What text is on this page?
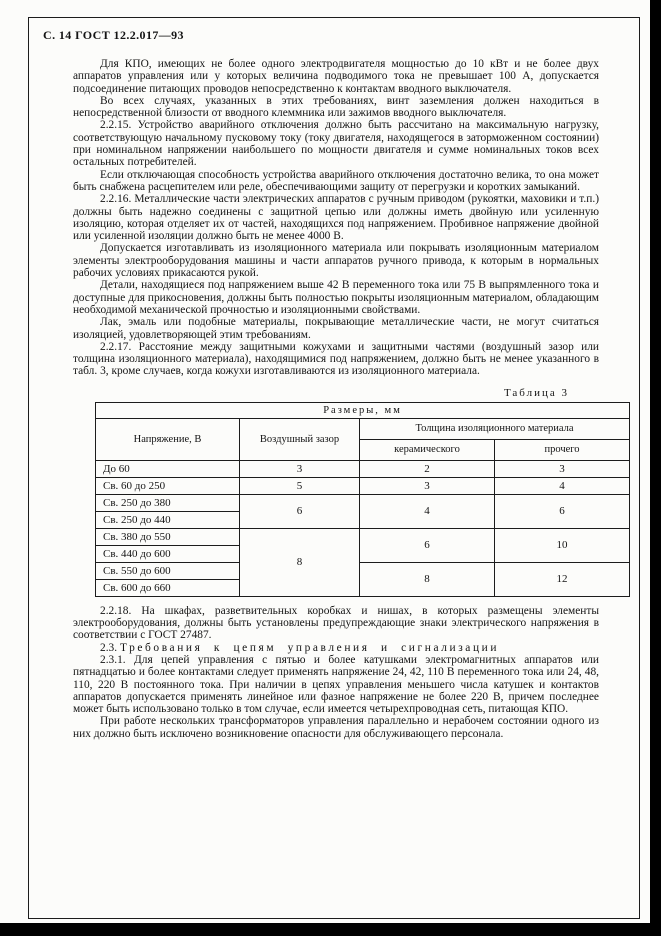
С. 14 ГОСТ 12.2.017—93

Для КПО, имеющих не более одного электродвигателя мощностью до 10 кВт и не более двух аппаратов управления или у которых величина подводимого тока не превышает 100 А, допускается подсоединение питающих проводов непосредственно к контактам вводного выключателя.

Во всех случаях, указанных в этих требованиях, винт заземления должен находиться в непосредственной близости от вводного клеммника или зажимов вводного выключателя.

2.2.15. Устройство аварийного отключения должно быть рассчитано на максимальную нагрузку, соответствующую начальному пусковому току (току двигателя, находящегося в заторможенном состоянии) при номинальном напряжении наибольшего по мощности двигателя и сумме номинальных токов всех остальных потребителей.

Если отключающая способность устройства аварийного отключения достаточно велика, то она может быть снабжена расцепителем или реле, обеспечивающими защиту от перегрузки и коротких замыканий.

2.2.16. Металлические части электрических аппаратов с ручным приводом (рукоятки, маховики и т.п.) должны быть надежно соединены с защитной цепью или должны иметь двойную или усиленную изоляцию, которая отделяет их от частей, находящихся под напряжением. Пробивное напряжение двойной или усиленной изоляции должно быть не менее 4000 В.

Допускается изготавливать из изоляционного материала или покрывать изоляционным материалом элементы электрооборудования машины и части аппаратов ручного привода, к которым в нормальных рабочих условиях прикасаются рукой.

Детали, находящиеся под напряжением выше 42 В переменного тока или 75 В выпрямленного тока и доступные для прикосновения, должны быть полностью покрыты изоляционным материалом, обладающим необходимой механической прочностью и изоляционными свойствами.

Лак, эмаль или подобные материалы, покрывающие металлические части, не могут считаться изоляцией, удовлетворяющей этим требованиям.

2.2.17. Расстояние между защитными кожухами и защитными частями (воздушный зазор или толщина изоляционного материала), находящимися под напряжением, должно быть не менее указанного в табл. 3, кроме случаев, когда кожухи изготавливаются из изоляционного материала.

Таблица 3
Размеры, мм			
Напряжение, В	Воздушный зазор	Толщина изоляционного материала	
		керамического	прочего
До 60	3	2	3
Св. 60 до 250	5	3	4
Св. 250 до 380	6	4	6
Св. 250 до 440			
Св. 380 до 550	8	6	10
Св. 440 до 600			
Св. 550 до 600		8	12
Св. 600 до 660			

2.2.18. На шкафах, разветвительных коробках и нишах, в которых размещены элементы электрооборудования, должны быть установлены предупреждающие знаки электрического напряжения в соответствии с ГОСТ 27487.

2.3. Требования к цепям управления и сигнализации

2.3.1. Для цепей управления с пятью и более катушками электромагнитных аппаратов или пятнадцатью и более контактами следует применять напряжение 24, 42, 110 В переменного тока или 24, 48, 110, 220 В постоянного тока. При наличии в цепях управления меньшего числа катушек и контактов аппаратов допускается применять линейное или фазное напряжение не более 220 В, причем последнее может быть использовано только в том случае, если имеется четырехпроводная сеть, питающая КПО.

При работе нескольких трансформаторов управления параллельно и нерабочем состоянии одного из них должно быть исключено возникновение опасности для обслуживающего персонала.
